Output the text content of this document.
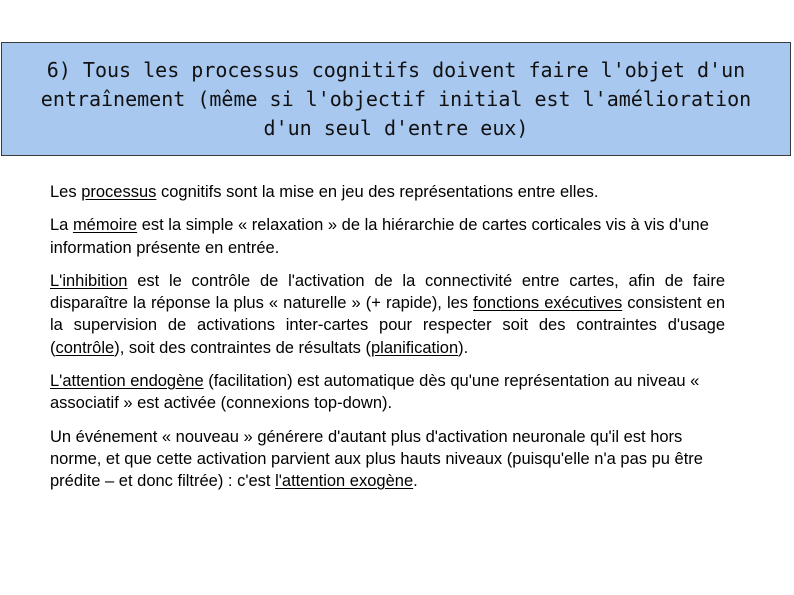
6) Tous les processus cognitifs doivent faire l'objet d'un
entraînement (même si l'objectif initial est l'amélioration
d'un seul d'entre eux)

Les processus cognitifs sont la mise en jeu des représentations entre elles.

La mémoire est la simple « relaxation » de la hiérarchie de cartes corticales vis à vis d'une information présente en entrée.

L'inhibition est le contrôle de l'activation de la connectivité entre cartes, afin de faire disparaître la réponse la plus « naturelle » (+ rapide), les fonctions exécutives consistent en la supervision de activations inter-cartes pour respecter soit des contraintes d'usage (contrôle), soit des contraintes de résultats (planification).

L'attention endogène (facilitation) est automatique dès qu'une représentation au niveau « associatif » est activée (connexions top-down).

Un événement « nouveau » générere d'autant plus d'activation neuronale qu'il est hors norme, et que cette activation parvient aux plus hauts niveaux (puisqu'elle n'a pas pu être prédite – et donc filtrée) : c'est l'attention exogène.
